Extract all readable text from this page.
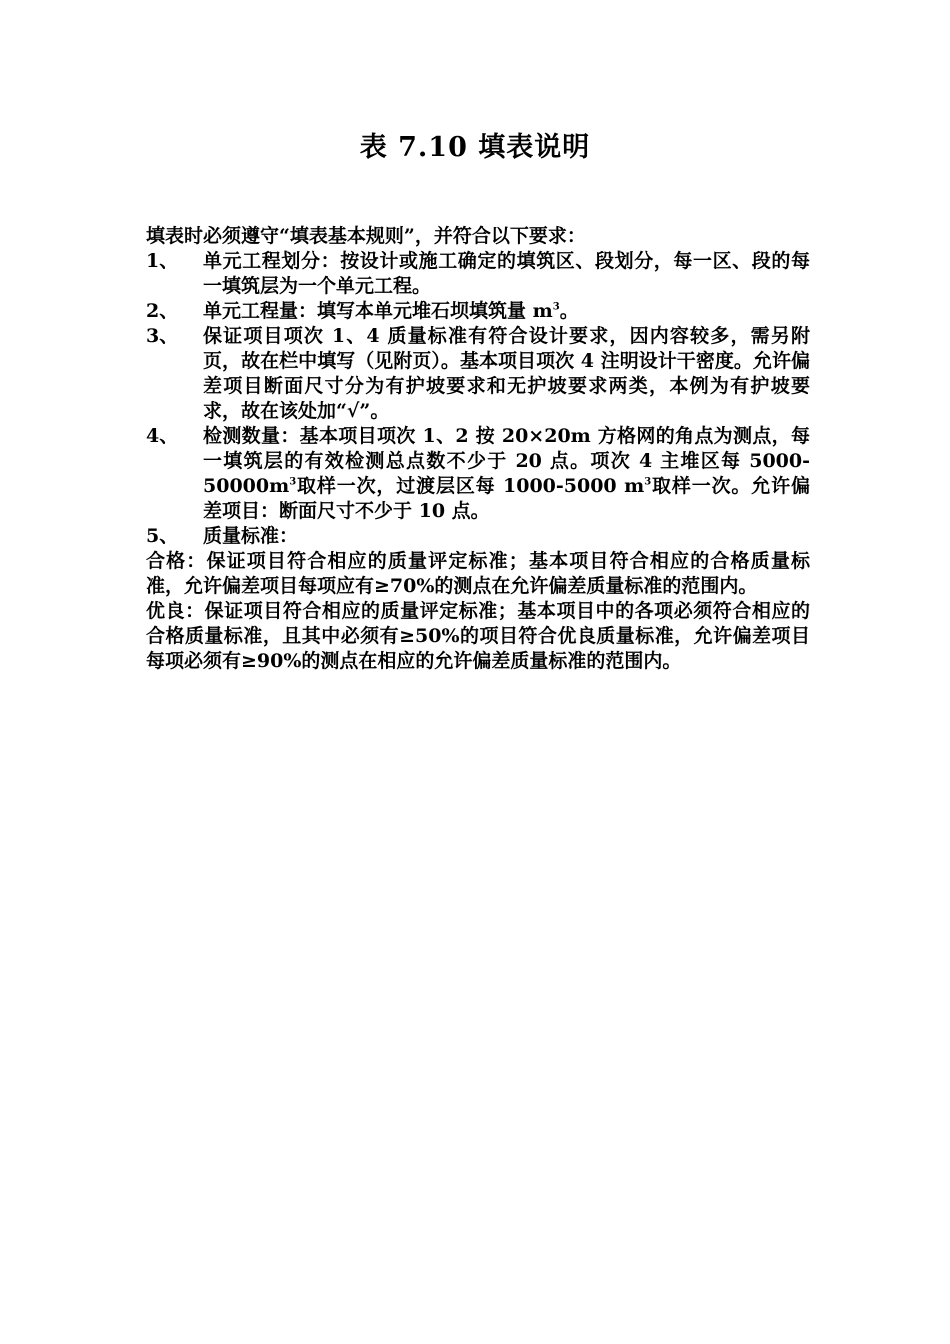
表 7.10 填表说明

填表时必须遵守“填表基本规则”，并符合以下要求：

1、	单元工程划分：按设计或施工确定的填筑区、段划分，每一区、段的每一填筑层为一个单元工程。
2、	单元工程量：填写本单元堆石坝填筑量 $m^3$。
3、	保证项目项次 1、4 质量标准有符合设计要求，因内容较多，需另附页，故在栏中填写（见附页）。基本项目项次 4 注明设计干密度。允许偏差项目断面尺寸分为有护坡要求和无护坡要求两类，本例为有护坡要求，故在该处加“√”。
4、	检测数量：基本项目项次 1、2 按 20×20m 方格网的角点为测点，每一填筑层的有效检测总点数不少于 20 点。项次 4 主堆区每 $5000-50000m^3$取样一次，过渡层区每 1000-5000 $m^3$取样一次。允许偏差项目：断面尺寸不少于 10 点。
5、	质量标准：

合格：保证项目符合相应的质量评定标准；基本项目符合相应的合格质量标准，允许偏差项目每项应有≥70%的测点在允许偏差质量标准的范围内。

优良：保证项目符合相应的质量评定标准；基本项目中的各项必须符合相应的合格质量标准，且其中必须有≥50%的项目符合优良质量标准，允许偏差项目每项必须有≥90%的测点在相应的允许偏差质量标准的范围内。
